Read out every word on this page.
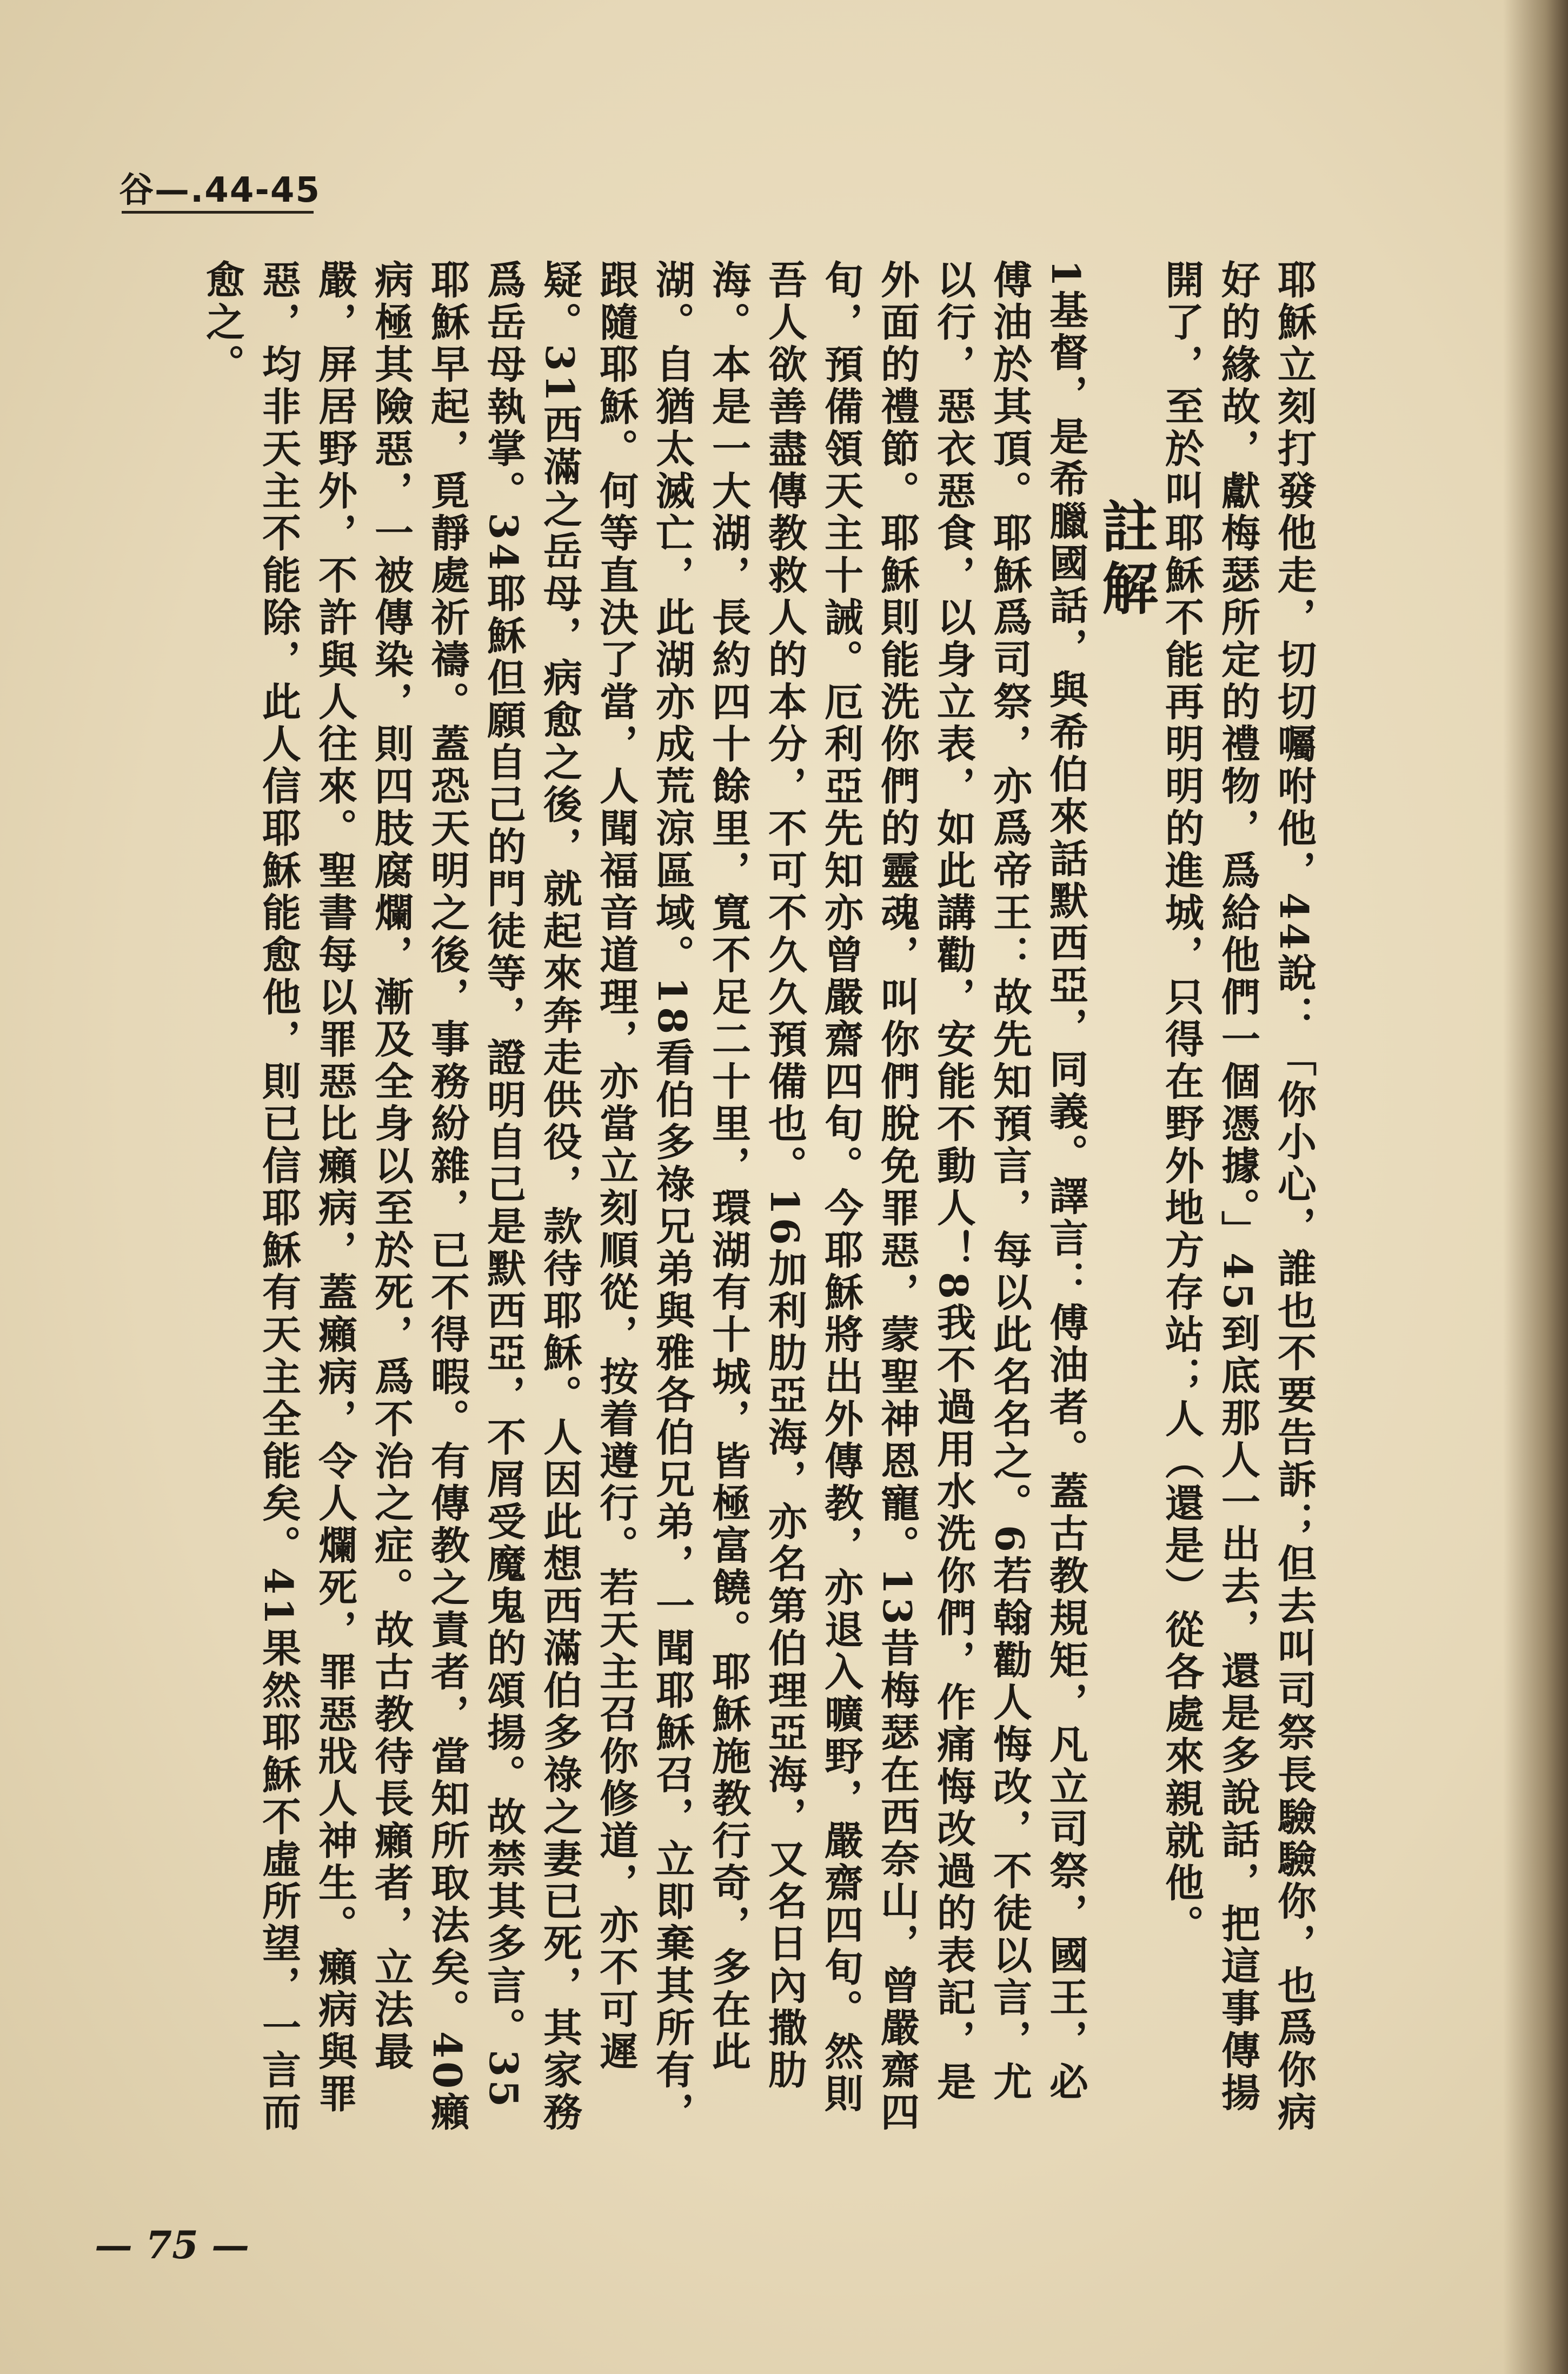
谷—.44-45

耶穌立刻打發他走，切切囑咐他，44說：「你小心，誰也不要告訴；但去叫司祭長驗驗你，也爲你病好的緣故，獻梅瑟所定的禮物，爲給他們一個憑據。」45到底那人一出去，還是多說話，把這事傳揚開了，至於叫耶穌不能再明明的進城，只得在野外地方存站；人（還是）從各處來親就他。

註解

1基督，是希臘國話，與希伯來話默西亞，同義。譯言：傅油者。蓋古教規矩，凡立司祭，國王，必傅油於其頂。耶穌爲司祭，亦爲帝王：故先知預言，每以此名名之。6若翰勸人悔改，不徒以言，尤以行，惡衣惡食，以身立表，如此講勸，安能不動人！8我不過用水洗你們，作痛悔改過的表記，是外面的禮節。耶穌則能洗你們的靈魂，叫你們脫免罪惡，蒙聖神恩寵。13昔梅瑟在西奈山，曾嚴齋四旬，預備領天主十誡。厄利亞先知亦曾嚴齋四旬。今耶穌將出外傳教，亦退入曠野，嚴齋四旬。然則吾人欲善盡傳教救人的本分，不可不久久預備也。16加利肋亞海，亦名第伯理亞海，又名日內撒肋海。本是一大湖，長約四十餘里，寬不足二十里，環湖有十城，皆極富饒。耶穌施教行奇，多在此湖。自猶太滅亡，此湖亦成荒涼區域。18看伯多祿兄弟與雅各伯兄弟，一聞耶穌召，立即棄其所有，跟隨耶穌。何等直決了當，人聞福音道理，亦當立刻順從，按着遵行。若天主召你修道，亦不可遲疑。31西滿之岳母，病愈之後，就起來奔走供役，款待耶穌。人因此想西滿伯多祿之妻已死，其家務爲岳母執掌。34耶穌但願自己的門徒等，證明自己是默西亞，不屑受魔鬼的頌揚。故禁其多言。35耶穌早起，覓靜處祈禱。蓋恐天明之後，事務紛雜，已不得暇。有傳教之責者，當知所取法矣。40癩病極其險惡，一被傳染，則四肢腐爛，漸及全身以至於死，爲不治之症。故古教待長癩者，立法最嚴，屏居野外，不許與人往來。聖書每以罪惡比癩病，蓋癩病，令人爛死，罪惡戕人神生。癩病與罪惡，均非天主不能除，此人信耶穌能愈他，則已信耶穌有天主全能矣。41果然耶穌不虛所望，一言而愈之。

— 75 —
